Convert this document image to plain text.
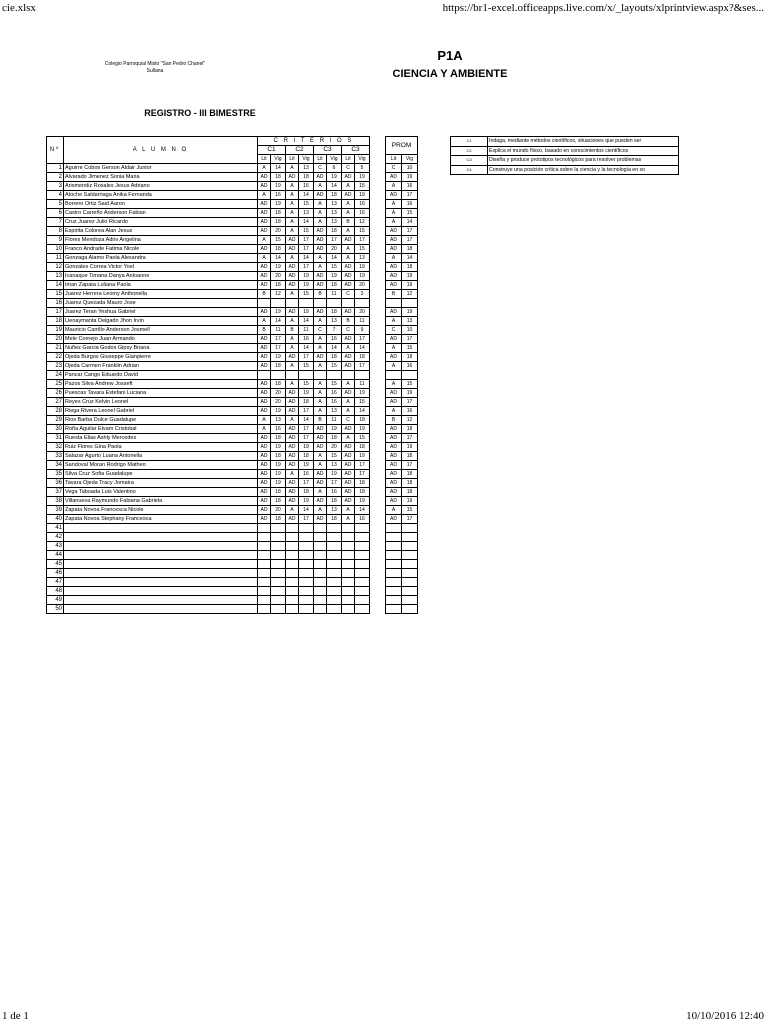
cie.xlsx	https://br1-excel.officeapps.live.com/x/_layouts/xlprintview.aspx?&ses...
Colegio Parroquial Mixto "San Pedro Chanel"
Sullana
P1A
CIENCIA Y AMBIENTE
REGISTRO - III BIMESTRE
Nº	A L U M N O	C R I T E R I O S									PROM	
		C1		C2		C3		C3				
		Lit	Vig	Lit	Vig	Lit	Vig	Lit	Vig		Lit	Vig
1	Aguirre Cobos Gerson Aldair Junior	A	14	A	13	C	6	C	5		C	10
2	Alvarado Jimenez Sonia Maria	AD	18	AD	18	AD	19	AD	19		AD	19
3	Arismendiz Rosales Jesus Adriano	AD	19	A	16	A	14	A	15		A	16
4	Atoche Saldarriaga Anika Fernanda	A	16	A	14	AD	18	AD	19		AD	17
5	Borrero Ortiz Said Aaron	AD	19	A	15	A	13	A	16		A	16
6	Castro Carreño Anderson Fabian	AD	18	A	13	A	13	A	16		A	15
7	Cruz Juarez Julio Ricardo	AD	18	A	14	A	13	B	12		A	14
8	Espirita Colorea Alan Jesus	AD	20	A	15	AD	18	A	15		AD	17
9	Flores Mendoza Adriv Angelina	A	15	AD	17	AD	17	AD	17		AD	17
10	Franco Andrade Fatima Nicole	AD	18	AD	17	AD	20	A	15		AD	18
11	Gonzaga Alamo Paola Alexandra	A	14	A	14	A	14	A	13		A	14
12	Gonzales Correa Victor Yoel	AD	19	AD	17	A	15	AD	19		AD	18
13	Icanaque Timana Danya Antoanne	AD	20	AD	19	AD	19	AD	19		AD	19
14	Iman Zapata Luliana Paola	AD	18	AD	19	AD	18	AD	20		AD	19
15	Juarez Herrera Leomy Anthonella	B	12	A	15	B	11	C	3		B	12
16	Juarez Quezada Mauro Jose											
17	Juarez Teran Yeshua Gabriel	AD	19	AD	19	AD	18	AD	20		AD	19
18	Llenaymanta Delgado Jhon Irvin	A	14	A	14	A	13	B	11		A	13
19	Mauricio Carrillo Anderson Josmell	B	11	B	11	C	7	C	9		C	10
20	Mele Cornejo Juan Armando	AD	17	A	16	A	16	AD	17		AD	17
21	Nuñez Garcia Godos Gipsy Briana	AD	17	A	14	A	14	A	14		A	15
22	Ojeda Burgos Giuseppe Gianpierre	AD	19	AD	17	AD	18	AD	18		AD	18
23	Ojeda Carmen Franklin Adrian	AD	18	A	15	A	15	AD	17		A	16
24	Pancar Cango Eduardo David											
25	Pazos Silva Andrew Josseft	AD	18	A	15	A	15	A	11		A	15
26	Puescas Tavara Estefani Luciana	AD	20	AD	19	A	16	AD	19		AD	19
27	Reyes Cruz Kelvin Leonel	AD	20	AD	18	A	16	A	15		AD	17
28	Riega Rivera Leonel Gabriel	AD	19	AD	17	A	13	A	14		A	16
29	Rios Barba Dulce Guadalupe	A	13	A	14	B	11	C	18		B	12
30	Roña Aguilar Elvam Cristobal	A	16	AD	17	AD	19	AD	19		AD	18
31	Ruesta Elias Ashly Mercedes	AD	18	AD	17	AD	18	A	15		AD	17
32	Ruiz Flores Gina Paola	AD	19	AD	19	AD	20	AD	18		AD	19
33	Salazar Agurto Luana Antonella	AD	18	AD	18	A	15	AD	19		AD	18
34	Sandoval Moran Rodrigo Matheo	AD	19	AD	19	A	13	AD	17		AD	17
35	Silva Cruz Sofia Guadalupe	AD	19	A	16	AD	19	AD	17		AD	18
36	Tavara Ojeda Tracy Jomaira	AD	19	AD	17	AD	17	AD	18		AD	18
37	Vega Taboada Luis Valentino	AD	18	AD	18	A	16	AD	18		AD	18
38	Villanueva Raymundo Fabiana Gabriela	AD	18	AD	19	AD	18	AD	19		AD	19
39	Zapata Novoa Francesca Nicole	AD	20	A	14	A	13	A	14		A	15
40	Zapata Novoa Stephany Francesca	AD	18	AD	17	AD	18	A	16		AD	17
41												
42												
43												
44												
45												
46												
47												
48												
49												
50												
C1	Indaga, mediante métodos científicos, situaciones que pueden ser
C2	Explica el mundo físico, basado en conocimientos científicos
C3	Diseña y produce prototipos tecnológicos para resolver problemas
C4	Construye una posición crítica sobre la ciencia y la tecnología en so
1 de 1	10/10/2016 12:40
